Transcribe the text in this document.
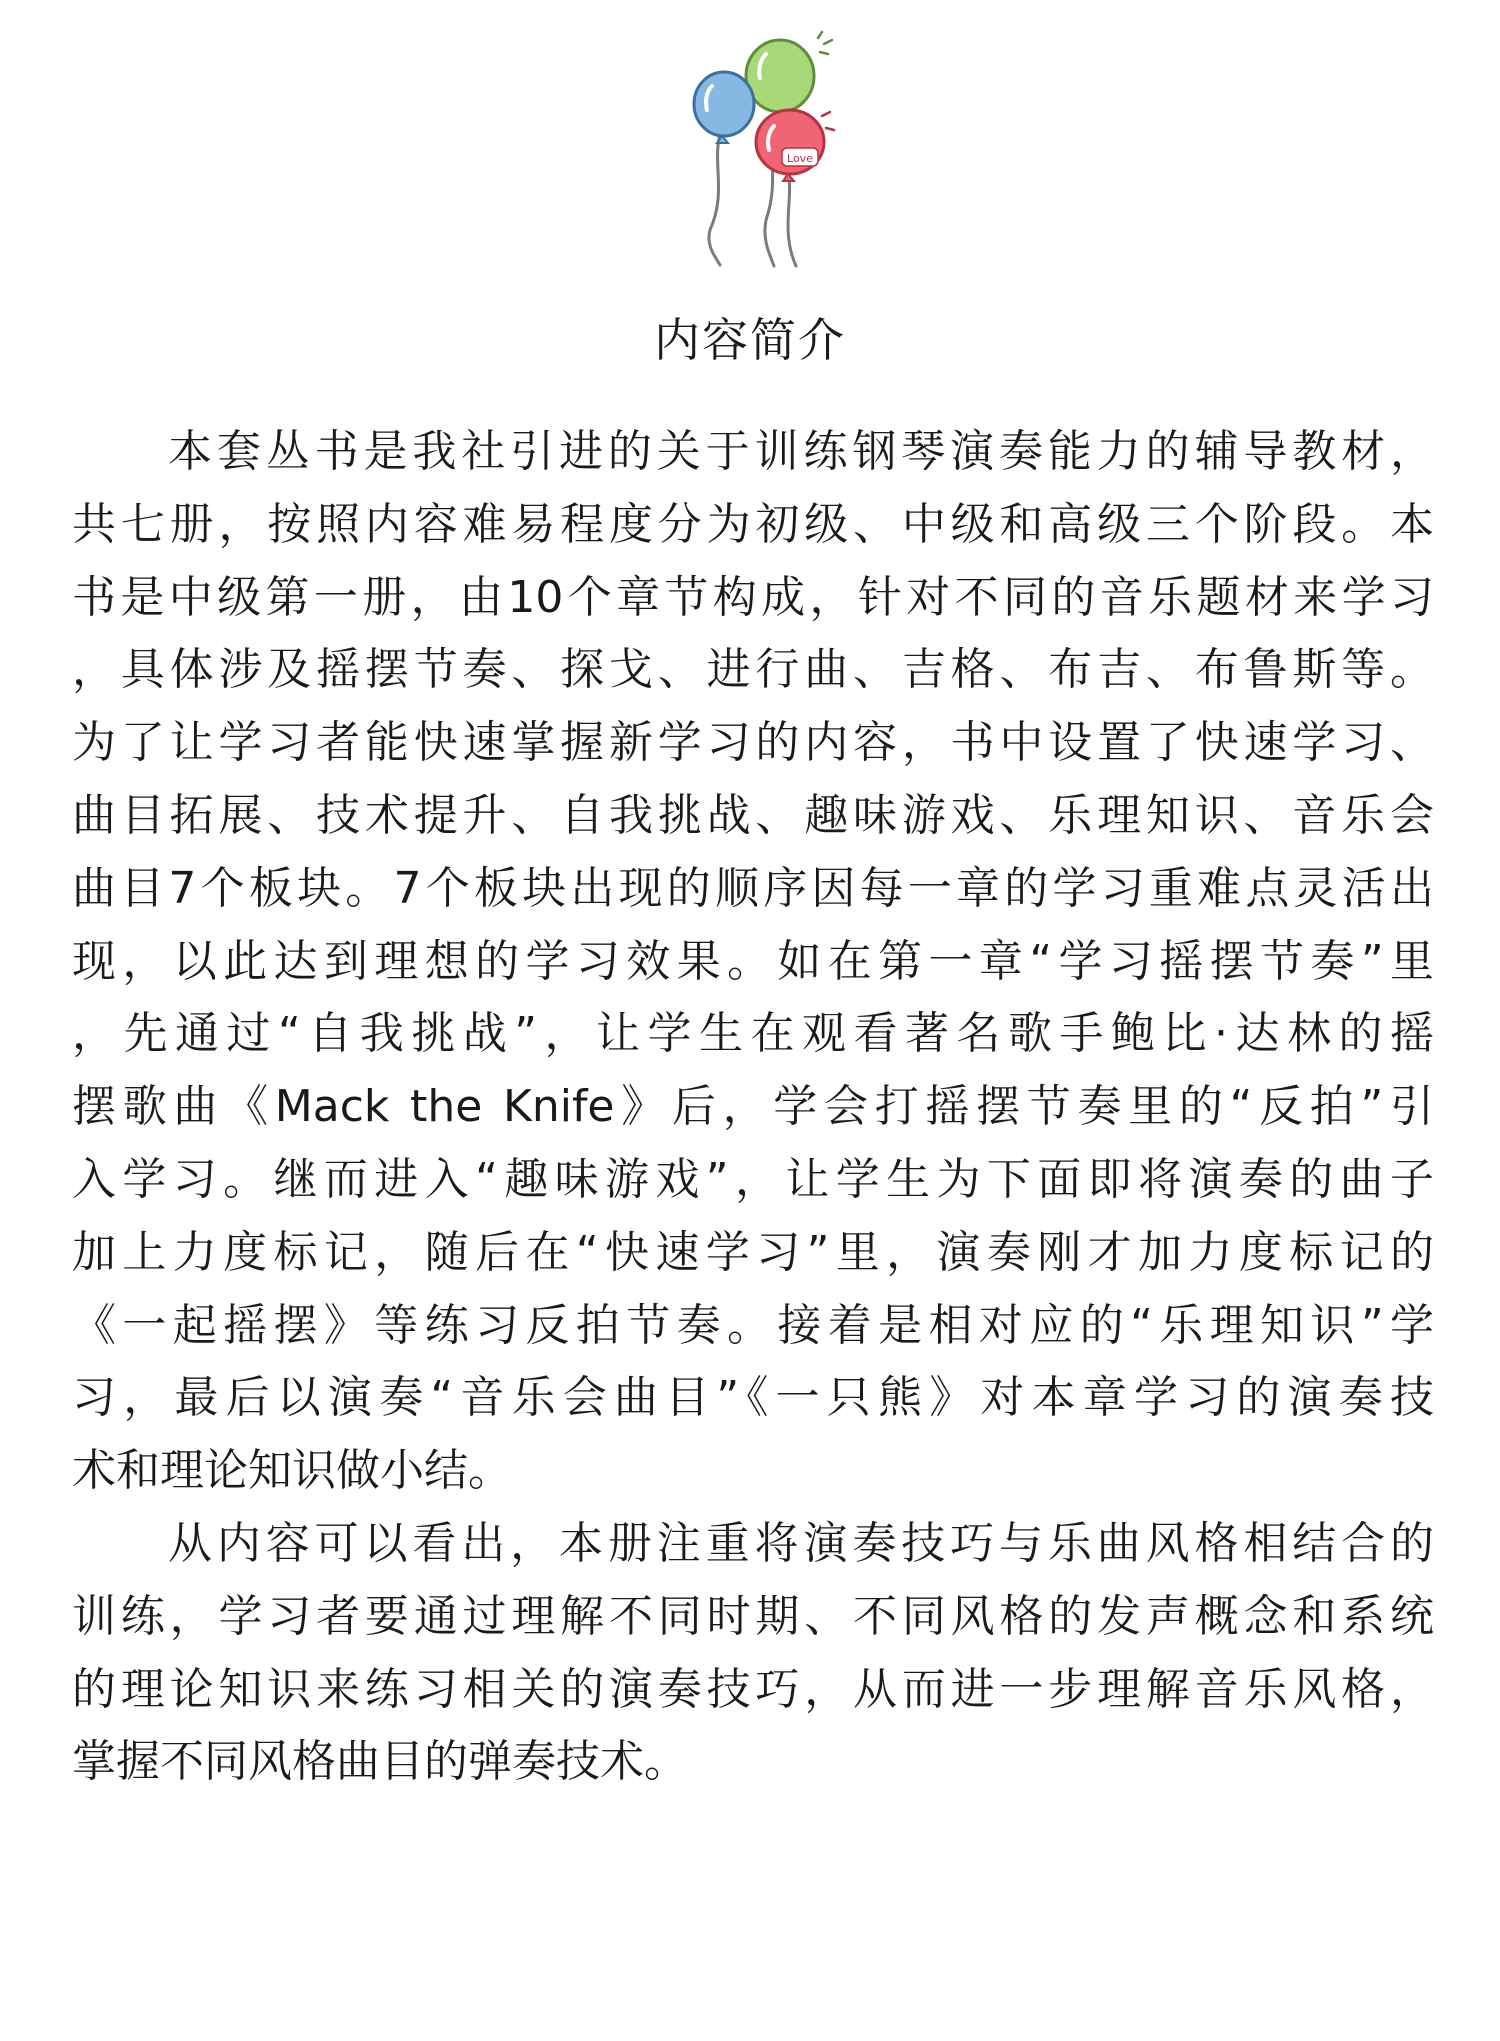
Love
内容简介
本套丛书是我社引进的关于训练钢琴演奏能力的辅导教材，
共七册，按照内容难易程度分为初级、中级和高级三个阶段。本
书是中级第一册，由10个章节构成，针对不同的音乐题材来学习
，具体涉及摇摆节奏、探戈、进行曲、吉格、布吉、布鲁斯等。
为了让学习者能快速掌握新学习的内容，书中设置了快速学习、
曲目拓展、技术提升、自我挑战、趣味游戏、乐理知识、音乐会
曲目7个板块。7个板块出现的顺序因每一章的学习重难点灵活出
现，以此达到理想的学习效果。如在第一章“学习摇摆节奏”里
，先通过“自我挑战”，让学生在观看著名歌手鲍比·达林的摇
摆歌曲《Mack the Knife》后，学会打摇摆节奏里的“反拍”引
入学习。继而进入“趣味游戏”，让学生为下面即将演奏的曲子
加上力度标记，随后在“快速学习”里，演奏刚才加力度标记的
《一起摇摆》等练习反拍节奏。接着是相对应的“乐理知识”学
习，最后以演奏“音乐会曲目”《一只熊》对本章学习的演奏技
术和理论知识做小结。
从内容可以看出，本册注重将演奏技巧与乐曲风格相结合的
训练，学习者要通过理解不同时期、不同风格的发声概念和系统
的理论知识来练习相关的演奏技巧，从而进一步理解音乐风格，
掌握不同风格曲目的弹奏技术。
